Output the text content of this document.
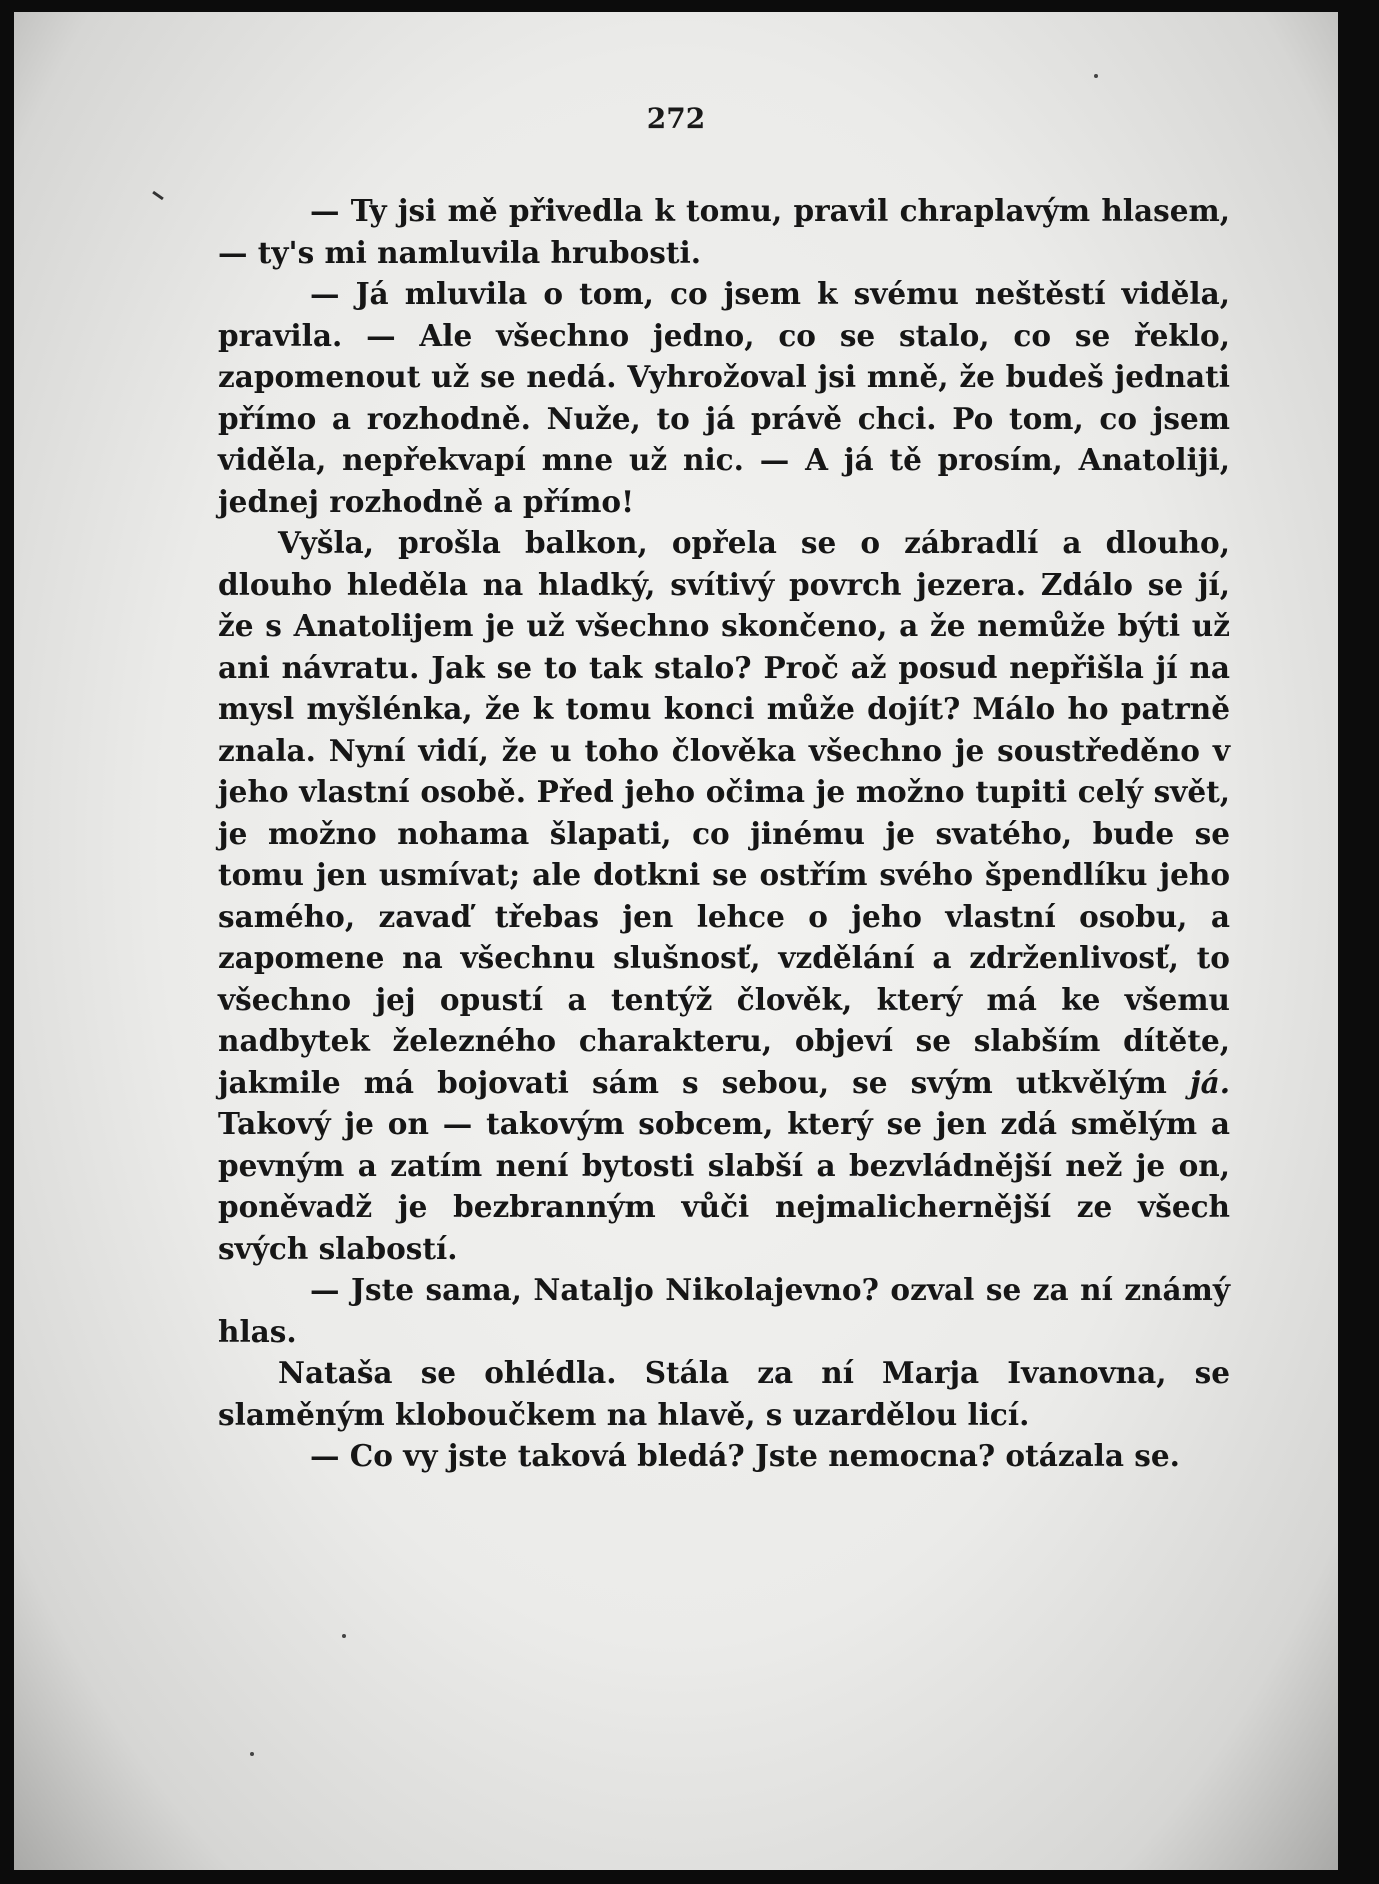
272

— Ty jsi mě přivedla k tomu, pravil chraplavým hlasem, — ty's mi namluvila hrubosti.

— Já mluvila o tom, co jsem k svému neštěstí viděla, pravila. — Ale všechno jedno, co se stalo, co se řeklo, zapomenout už se nedá. Vyhrožoval jsi mně, že budeš jednati přímo a rozhodně. Nuže, to já právě chci. Po tom, co jsem viděla, nepřekvapí mne už nic. — A já tě prosím, Anatoliji, jednej rozhodně a přímo!

Vyšla, prošla balkon, opřela se o zábradlí a dlouho, dlouho hleděla na hladký, svítivý povrch jezera. Zdálo se jí, že s Anatolijem je už všechno skončeno, a že nemůže býti už ani návratu. Jak se to tak stalo? Proč až posud nepřišla jí na mysl myšlénka, že k tomu konci může dojít? Málo ho patrně znala. Nyní vidí, že u toho člověka všechno je soustředěno v jeho vlastní osobě. Před jeho očima je možno tupiti celý svět, je možno nohama šlapati, co jinému je svatého, bude se tomu jen usmívat; ale dotkni se ostřím svého špendlíku jeho samého, zavaď třebas jen lehce o jeho vlastní osobu, a zapomene na všechnu slušnosť, vzdělání a zdrženlivosť, to všechno jej opustí a tentýž člověk, který má ke všemu nadbytek železného charakteru, objeví se slabším dítěte, jakmile má bojovati sám s sebou, se svým utkvělým já. Takový je on — takovým sobcem, který se jen zdá smělým a pevným a zatím není bytosti slabší a bezvládnější než je on, poněvadž je bezbranným vůči nejmalichernější ze všech svých slabostí.

— Jste sama, Nataljo Nikolajevno? ozval se za ní známý hlas.

Nataša se ohlédla. Stála za ní Marja Ivanovna, se slaměným kloboučkem na hlavě, s uzardělou licí.

— Co vy jste taková bledá? Jste nemocna? otázala se.
